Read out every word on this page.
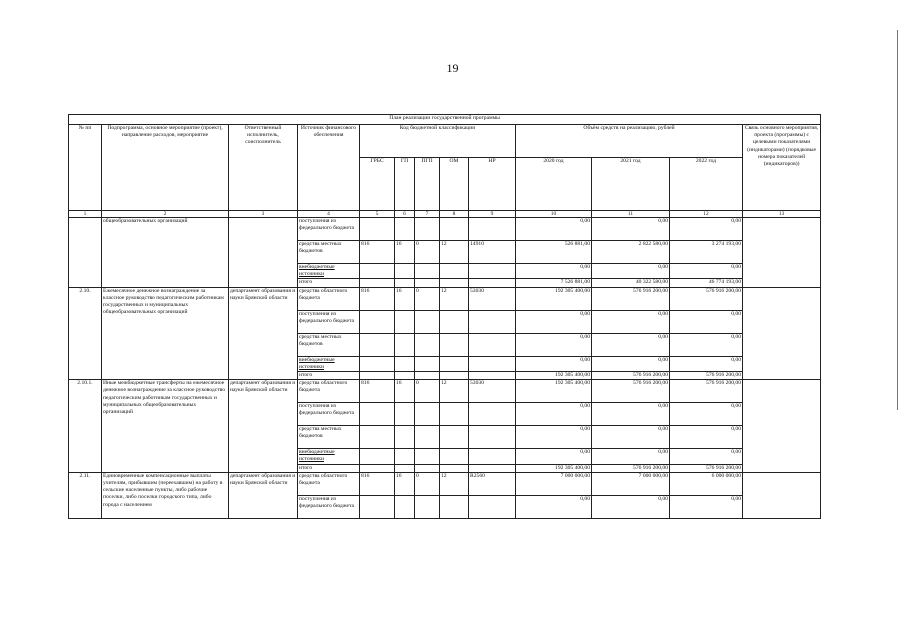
19
План реализации государственной программы												
№ пп	Подпрограмма, основное мероприятие (проект), направление расходов, мероприятие	Ответственный исполнитель, соисполнитель	Источник финансового обеспечения	Код бюджетной классификации					Объём средств на реализацию, рублей			Связь основного мероприятия, проекта (программы) с целевыми показателями (индикаторами) (порядковые номера показателей (индикаторов))
				ГРБС	ГП	ПГП	ОМ	НР	2020 год	2021 год	2022 год	
1	2	3	4	5	6	7	8	9	10	11	12	13
	общеобразовательных организаций		поступления из федерального бюджета						0,00	0,00	0,00	
			средства местных бюджетов	816	16	0	12	14910	526 881,00	2 822 580,00	3 274 193,00	
			внебюджетные источники						0,00	0,00	0,00	
			итого						7 526 881,00	40 322 580,00	46 774 193,00	
2.10.	Ежемесячное денежное вознаграждение за классное руководство педагогическим работникам государственных и муниципальных общеобразовательных организаций	департамент образования и науки Брянской области	средства областного бюджета	816	16	0	12	53030	192 305 400,00	576 916 200,00	576 916 200,00	
			поступления из федерального бюджета						0,00	0,00	0,00	
			средства местных бюджетов						0,00	0,00	0,00	
			внебюджетные источники						0,00	0,00	0,00	
			итого						192 305 400,00	576 916 200,00	576 916 200,00	
2.10.1.	Иные межбюджетные трансферты на ежемесячное денежное вознаграждение за классное руководство педагогическим работникам государственных и муниципальных общеобразовательных организаций	департамент образования и науки Брянской области	средства областного бюджета	816	16	0	12	53030	192 305 400,00	576 916 200,00	576 916 200,00	
			поступления из федерального бюджета						0,00	0,00	0,00	
			средства местных бюджетов						0,00	0,00	0,00	
			внебюджетные источники						0,00	0,00	0,00	
			итого						192 305 400,00	576 916 200,00	576 916 200,00	
2.11.	Единовременные компенсационные выплаты учителям, прибывшим (переехавшим) на работу в сельские населенные пункты, либо рабочие поселки, либо поселки городского типа, либо города с населением	департамент образования и науки Брянской области	средства областного бюджета	816	16	0	12	R2560	7 000 000,00	7 000 000,00	6 000 000,00	
			поступления из федерального бюджета						0,00	0,00	0,00	
